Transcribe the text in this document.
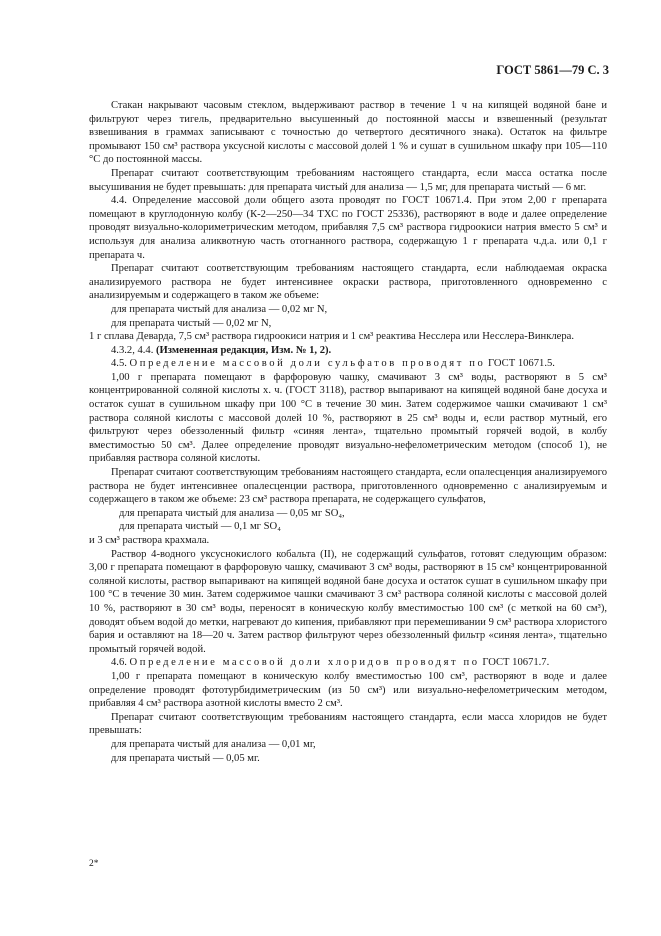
ГОСТ 5861—79 С. 3

Стакан накрывают часовым стеклом, выдерживают раствор в течение 1 ч на кипящей водяной бане и фильтруют через тигель, предварительно высушенный до постоянной массы и взвешенный (результат взвешивания в граммах записывают с точностью до четвертого десятичного знака). Остаток на фильтре промывают 150 см³ раствора уксусной кислоты с массовой долей 1 % и сушат в сушильном шкафу при 105—110 °С до постоянной массы.

Препарат считают соответствующим требованиям настоящего стандарта, если масса остатка после высушивания не будет превышать: для препарата чистый для анализа — 1,5 мг, для препарата чистый — 6 мг.

4.4. Определение массовой доли общего азота проводят по ГОСТ 10671.4. При этом 2,00 г препарата помещают в круглодонную колбу (К-2—250—34 ТХС по ГОСТ 25336), растворяют в воде и далее определение проводят визуально-колориметрическим методом, прибавляя 7,5 см³ раствора гидроокиси натрия вместо 5 см³ и используя для анализа аликвотную часть отогнанного раствора, содержащую 1 г препарата ч.д.а. или 0,1 г препарата ч.

Препарат считают соответствующим требованиям настоящего стандарта, если наблюдаемая окраска анализируемого раствора не будет интенсивнее окраски раствора, приготовленного одновременно с анализируемым и содержащего в таком же объеме:

для препарата чистый для анализа — 0,02 мг N,

для препарата чистый — 0,02 мг N,

1 г сплава Деварда, 7,5 см³ раствора гидроокиси натрия и 1 см³ реактива Несслера или Несслера-Винклера.

4.3.2, 4.4. (Измененная редакция, Изм. № 1, 2).

4.5. Определение массовой доли сульфатов проводят по ГОСТ 10671.5.

1,00 г препарата помещают в фарфоровую чашку, смачивают 3 см³ воды, растворяют в 5 см³ концентрированной соляной кислоты х. ч. (ГОСТ 3118), раствор выпаривают на кипящей водяной бане досуха и остаток сушат в сушильном шкафу при 100 °С в течение 30 мин. Затем содержимое чашки смачивают 1 см³ раствора соляной кислоты с массовой долей 10 %, растворяют в 25 см³ воды и, если раствор мутный, его фильтруют через обеззоленный фильтр «синяя лента», тщательно промытый горячей водой, в колбу вместимостью 50 см³. Далее определение проводят визуально-нефелометрическим методом (способ 1), не прибавляя раствора соляной кислоты.

Препарат считают соответствующим требованиям настоящего стандарта, если опалесценция анализируемого раствора не будет интенсивнее опалесценции раствора, приготовленного одновременно с анализируемым и содержащего в таком же объеме: 23 см³ раствора препарата, не содержащего сульфатов,

для препарата чистый для анализа — 0,05 мг SO₄,

для препарата чистый — 0,1 мг SO₄

и 3 см³ раствора крахмала.

Раствор 4-водного уксуснокислого кобальта (II), не содержащий сульфатов, готовят следующим образом: 3,00 г препарата помещают в фарфоровую чашку, смачивают 3 см³ воды, растворяют в 15 см³ концентрированной соляной кислоты, раствор выпаривают на кипящей водяной бане досуха и остаток сушат в сушильном шкафу при 100 °С в течение 30 мин. Затем содержимое чашки смачивают 3 см³ раствора соляной кислоты с массовой долей 10 %, растворяют в 30 см³ воды, переносят в коническую колбу вместимостью 100 см³ (с меткой на 60 см³), доводят объем водой до метки, нагревают до кипения, прибавляют при перемешивании 9 см³ раствора хлористого бария и оставляют на 18—20 ч. Затем раствор фильтруют через обеззоленный фильтр «синяя лента», тщательно промытый горячей водой.

4.6. Определение массовой доли хлоридов проводят по ГОСТ 10671.7.

1,00 г препарата помещают в коническую колбу вместимостью 100 см³, растворяют в воде и далее определение проводят фототурбидиметрическим (из 50 см³) или визуально-нефелометрическим методом, прибавляя 4 см³ раствора азотной кислоты вместо 2 см³.

Препарат считают соответствующим требованиям настоящего стандарта, если масса хлоридов не будет превышать:

для препарата чистый для анализа — 0,01 мг,

для препарата чистый — 0,05 мг.

2*
